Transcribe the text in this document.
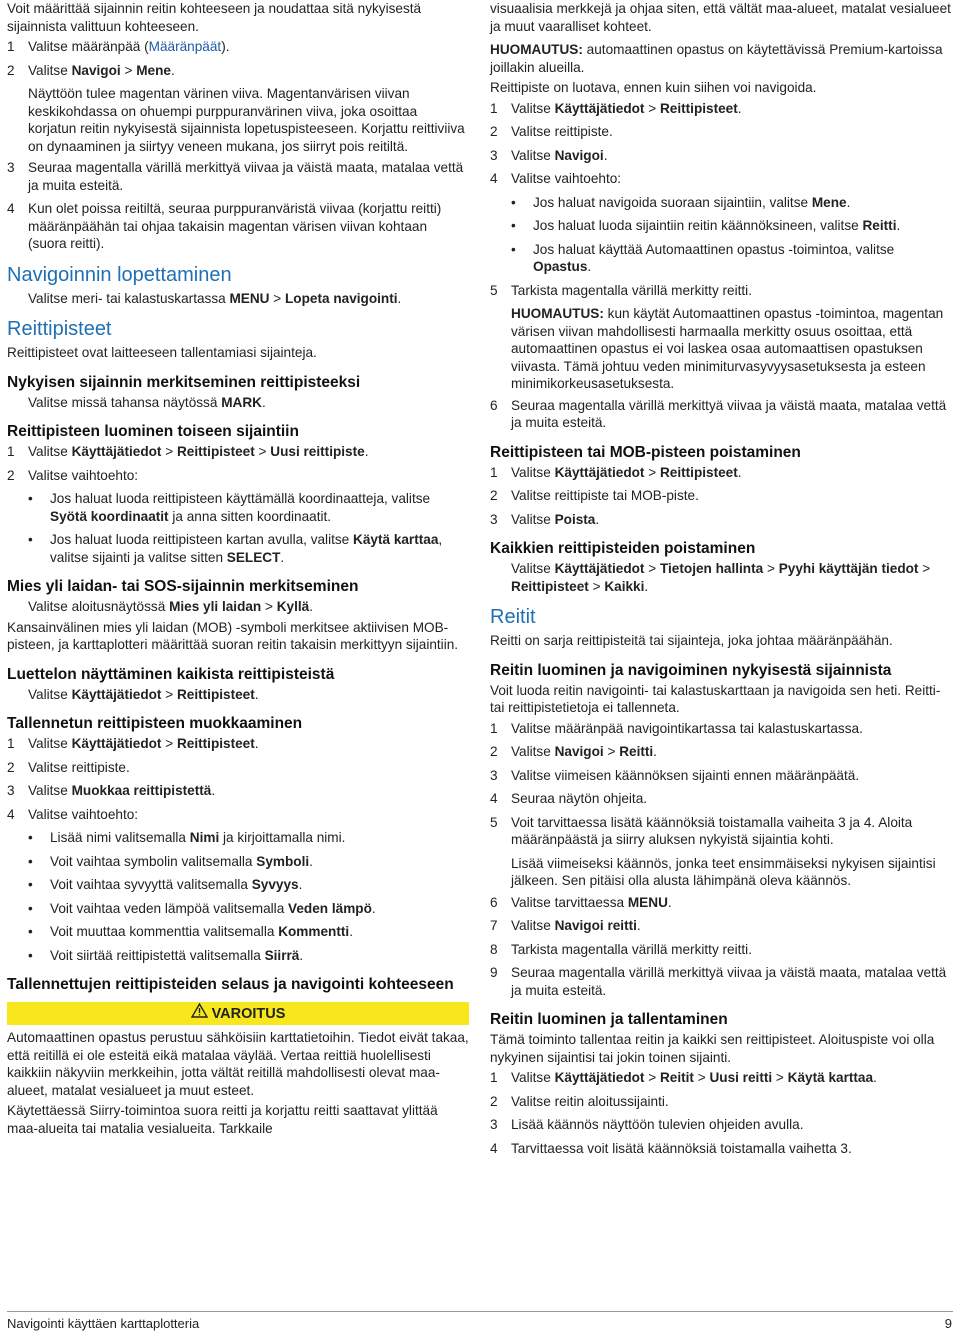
Voit määrittää sijainnin reitin kohteeseen ja noudattaa sitä nykyisestä sijainnista valittuun kohteeseen.

1 Valitse määränpää (Määränpäät).
2 Valitse Navigoi > Mene.

Näyttöön tulee magentan värinen viiva. Magentanvärisen viivan keskikohdassa on ohuempi purppuranvärinen viiva, joka osoittaa korjatun reitin nykyisestä sijainnista lopetuspisteeseen. Korjattu reittiviiva on dynaaminen ja siirtyy veneen mukana, jos siirryt pois reitiltä.

3 Seuraa magentalla värillä merkittyä viivaa ja väistä maata, matalaa vettä ja muita esteitä.
4 Kun olet poissa reitiltä, seuraa purppuranväristä viivaa (korjattu reitti) määränpäähän tai ohjaa takaisin magentan värisen viivan kohtaan (suora reitti).
Navigoinnin lopettaminen

Valitse meri- tai kalastuskartassa MENU > Lopeta navigointi.

Reittipisteet

Reittipisteet ovat laitteeseen tallentamiasi sijainteja.

Nykyisen sijainnin merkitseminen reittipisteeksi

Valitse missä tahansa näytössä MARK.

Reittipisteen luominen toiseen sijaintiin
1 Valitse Käyttäjätiedot > Reittipisteet > Uusi reittipiste.
2 Valitse vaihtoehto:
• Jos haluat luoda reittipisteen käyttämällä koordinaatteja, valitse Syötä koordinaatit ja anna sitten koordinaatit.
• Jos haluat luoda reittipisteen kartan avulla, valitse Käytä karttaa, valitse sijainti ja valitse sitten SELECT.
Mies yli laidan- tai SOS-sijainnin merkitseminen

Valitse aloitusnäytössä Mies yli laidan > Kyllä.

Kansainvälinen mies yli laidan (MOB) -symboli merkitsee aktiivisen MOB-pisteen, ja karttaplotteri määrittää suoran reitin takaisin merkittyyn sijaintiin.

Luettelon näyttäminen kaikista reittipisteistä

Valitse Käyttäjätiedot > Reittipisteet.

Tallennetun reittipisteen muokkaaminen
1 Valitse Käyttäjätiedot > Reittipisteet.
2 Valitse reittipiste.
3 Valitse Muokkaa reittipistettä.
4 Valitse vaihtoehto:
• Lisää nimi valitsemalla Nimi ja kirjoittamalla nimi.
• Voit vaihtaa symbolin valitsemalla Symboli.
• Voit vaihtaa syvyyttä valitsemalla Syvyys.
• Voit vaihtaa veden lämpöä valitsemalla Veden lämpö.
• Voit muuttaa kommenttia valitsemalla Kommentti.
• Voit siirtää reittipistettä valitsemalla Siirrä.
Tallennettujen reittipisteiden selaus ja navigointi kohteeseen
VAROITUS

Automaattinen opastus perustuu sähköisiin karttatietoihin. Tiedot eivät takaa, että reitillä ei ole esteitä eikä matalaa väylää. Vertaa reittiä huolellisesti kaikkiin näkyviin merkkeihin, jotta vältät reitillä mahdollisesti olevat maa-alueet, matalat vesialueet ja muut esteet.

Käytettäessä Siirry-toimintoa suora reitti ja korjattu reitti saattavat ylittää maa-alueita tai matalia vesialueita. Tarkkaile

visuaalisia merkkejä ja ohjaa siten, että vältät maa-alueet, matalat vesialueet ja muut vaaralliset kohteet.

HUOMAUTUS: automaattinen opastus on käytettävissä Premium-kartoissa joillakin alueilla.

Reittipiste on luotava, ennen kuin siihen voi navigoida.

1 Valitse Käyttäjätiedot > Reittipisteet.
2 Valitse reittipiste.
3 Valitse Navigoi.
4 Valitse vaihtoehto:
• Jos haluat navigoida suoraan sijaintiin, valitse Mene.
• Jos haluat luoda sijaintiin reitin käännöksineen, valitse Reitti.
• Jos haluat käyttää Automaattinen opastus -toimintoa, valitse Opastus.
5 Tarkista magentalla värillä merkitty reitti.

HUOMAUTUS: kun käytät Automaattinen opastus -toimintoa, magentan värisen viivan mahdollisesti harmaalla merkitty osuus osoittaa, että automaattinen opastus ei voi laskea osaa automaattisen opastuksen viivasta. Tämä johtuu veden minimiturvasyvyysasetuksesta ja esteen minimikorkeusasetuksesta.

6 Seuraa magentalla värillä merkittyä viivaa ja väistä maata, matalaa vettä ja muita esteitä.
Reittipisteen tai MOB-pisteen poistaminen
1 Valitse Käyttäjätiedot > Reittipisteet.
2 Valitse reittipiste tai MOB-piste.
3 Valitse Poista.
Kaikkien reittipisteiden poistaminen

Valitse Käyttäjätiedot > Tietojen hallinta > Pyyhi käyttäjän tiedot > Reittipisteet > Kaikki.

Reitit

Reitti on sarja reittipisteitä tai sijainteja, joka johtaa määränpäähän.

Reitin luominen ja navigoiminen nykyisestä sijainnista

Voit luoda reitin navigointi- tai kalastuskarttaan ja navigoida sen heti. Reitti- tai reittipistetietoja ei tallenneta.

1 Valitse määränpää navigointikartassa tai kalastuskartassa.
2 Valitse Navigoi > Reitti.
3 Valitse viimeisen käännöksen sijainti ennen määränpäätä.
4 Seuraa näytön ohjeita.
5 Voit tarvittaessa lisätä käännöksiä toistamalla vaiheita 3 ja 4. Aloita määränpäästä ja siirry aluksen nykyistä sijaintia kohti.

Lisää viimeiseksi käännös, jonka teet ensimmäiseksi nykyisen sijaintisi jälkeen. Sen pitäisi olla alusta lähimpänä oleva käännös.

6 Valitse tarvittaessa MENU.
7 Valitse Navigoi reitti.
8 Tarkista magentalla värillä merkitty reitti.
9 Seuraa magentalla värillä merkittyä viivaa ja väistä maata, matalaa vettä ja muita esteitä.
Reitin luominen ja tallentaminen

Tämä toiminto tallentaa reitin ja kaikki sen reittipisteet. Aloituspiste voi olla nykyinen sijaintisi tai jokin toinen sijainti.

1 Valitse Käyttäjätiedot > Reitit > Uusi reitti > Käytä karttaa.
2 Valitse reitin aloitussijainti.
3 Lisää käännös näyttöön tulevien ohjeiden avulla.
4 Tarvittaessa voit lisätä käännöksiä toistamalla vaihetta 3.
Navigointi käyttäen karttaplotteria	9
